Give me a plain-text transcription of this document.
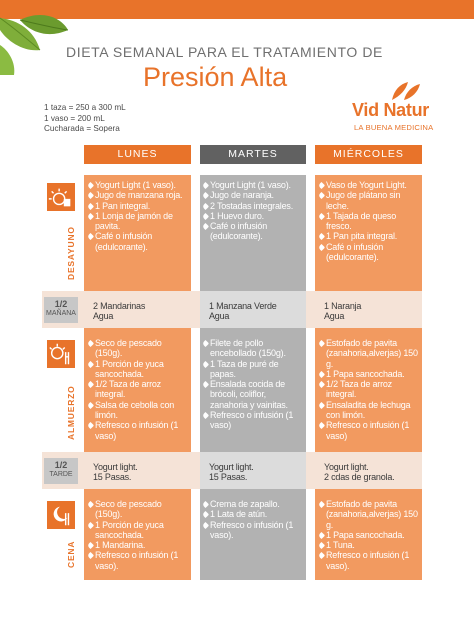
DIETA SEMANAL PARA EL TRATAMIENTO DE
Presión Alta
1 taza = 250 a 300 mL
1 vaso = 200 mL
Cucharada = Sopera
Vid Natur
LA BUENA MEDICINA
LUNES	MARTES	MIÉRCOLES
DESAYUNO
1/2
MAÑANA
ALMUERZO
1/2
TARDE
CENA
Yogurt Light (1 vaso).
Jugo de manzana roja.
1 Pan integral.
1 Lonja de jamón de pavita.
Café o infusión (edulcorante).
Yogurt Light (1 vaso).
Jugo de naranja.
2 Tostadas integrales.
1 Huevo duro.
Café o infusión (edulcorante).
Vaso de Yogurt Light.
Jugo de plátano sin leche.
1 Tajada de queso fresco.
1 Pan pita integral.
Café o infusión (edulcorante).
2 Mandarinas
Agua
1 Manzana Verde
Agua
1 Naranja
Agua
Seco de pescado (150g).
1 Porción de yuca sancochada.
1/2 Taza de arroz integral.
Salsa de cebolla con limón.
Refresco o infusión (1 vaso)
Filete de pollo encebollado (150g).
1 Taza de puré de papas.
Ensalada cocida de brócoli, coliflor, zanahoria y vainitas.
Refresco o infusión (1 vaso)
Estofado de pavita (zanahoria,alverjas) 150 g.
1 Papa sancochada.
1/2 Taza de arroz integral.
Ensaladita de lechuga con limón.
Refresco o infusión (1 vaso)
Yogurt light.
15 Pasas.
Yogurt light.
15 Pasas.
Yogurt light.
2 cdas de granola.
Seco de pescado (150g).
1 Porción de yuca sancochada.
1 Mandarina.
Refresco o infusión (1 vaso).
Crema de zapallo.
1 Lata de atún.
Refresco o infusión (1 vaso).
Estofado de pavita (zanahoria,alverjas) 150 g.
1 Papa sancochada.
1 Tuna.
Refresco o infusión (1 vaso).
